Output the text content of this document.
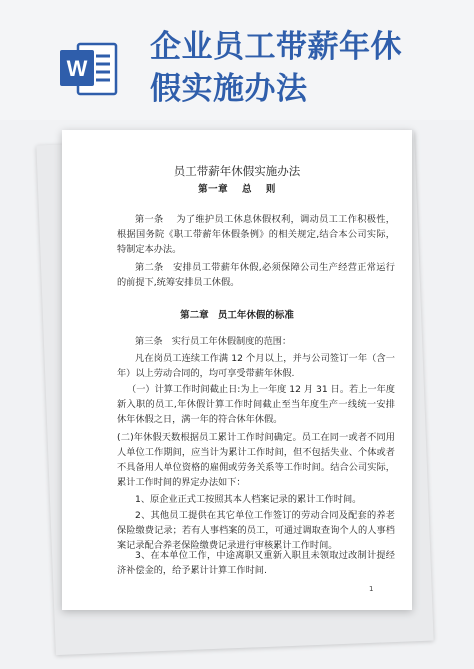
W
企业员工带薪年休
假实施办法
员工带薪年休假实施办法
第一章 总 则
第一条　 为了维护员工休息休假权利，调动员工工作积极性，根据国务院《职工带薪年休假条例》的相关规定,结合本公司实际，特制定本办法。
第二条　安排员工带薪年休假,必须保障公司生产经营正常运行的前提下,统筹安排员工休假。
第二章 员工年休假的标准
第三条　实行员工年休假制度的范围：
凡在岗员工连续工作满 12 个月以上，并与公司签订一年（含一年）以上劳动合同的，均可享受带薪年休假.
（一）计算工作时间截止日:为上一年度 12 月 31 日。若上一年度新入职的员工,年休假计算工作时间截止至当年度生产一线统一安排休年休假之日，满一年的符合休年休假。
(二)年休假天数根据员工累计工作时间确定。员工在同一或者不同用人单位工作期间，应当计为累计工作时间，但不包括失业、个体或者不具备用人单位资格的雇佣或劳务关系等工作时间。结合公司实际，累计工作时间的界定办法如下：
1、原企业正式工按照其本人档案记录的累计工作时间。
2、其他员工提供在其它单位工作签订的劳动合同及配套的养老保险缴费记录；若有人事档案的员工，可通过调取查询个人的人事档案记录配合养老保险缴费记录进行审核累计工作时间。
3、在本单位工作，中途离职又重新入职且未领取过改制计提经济补偿金的，给予累计计算工作时间.
1
